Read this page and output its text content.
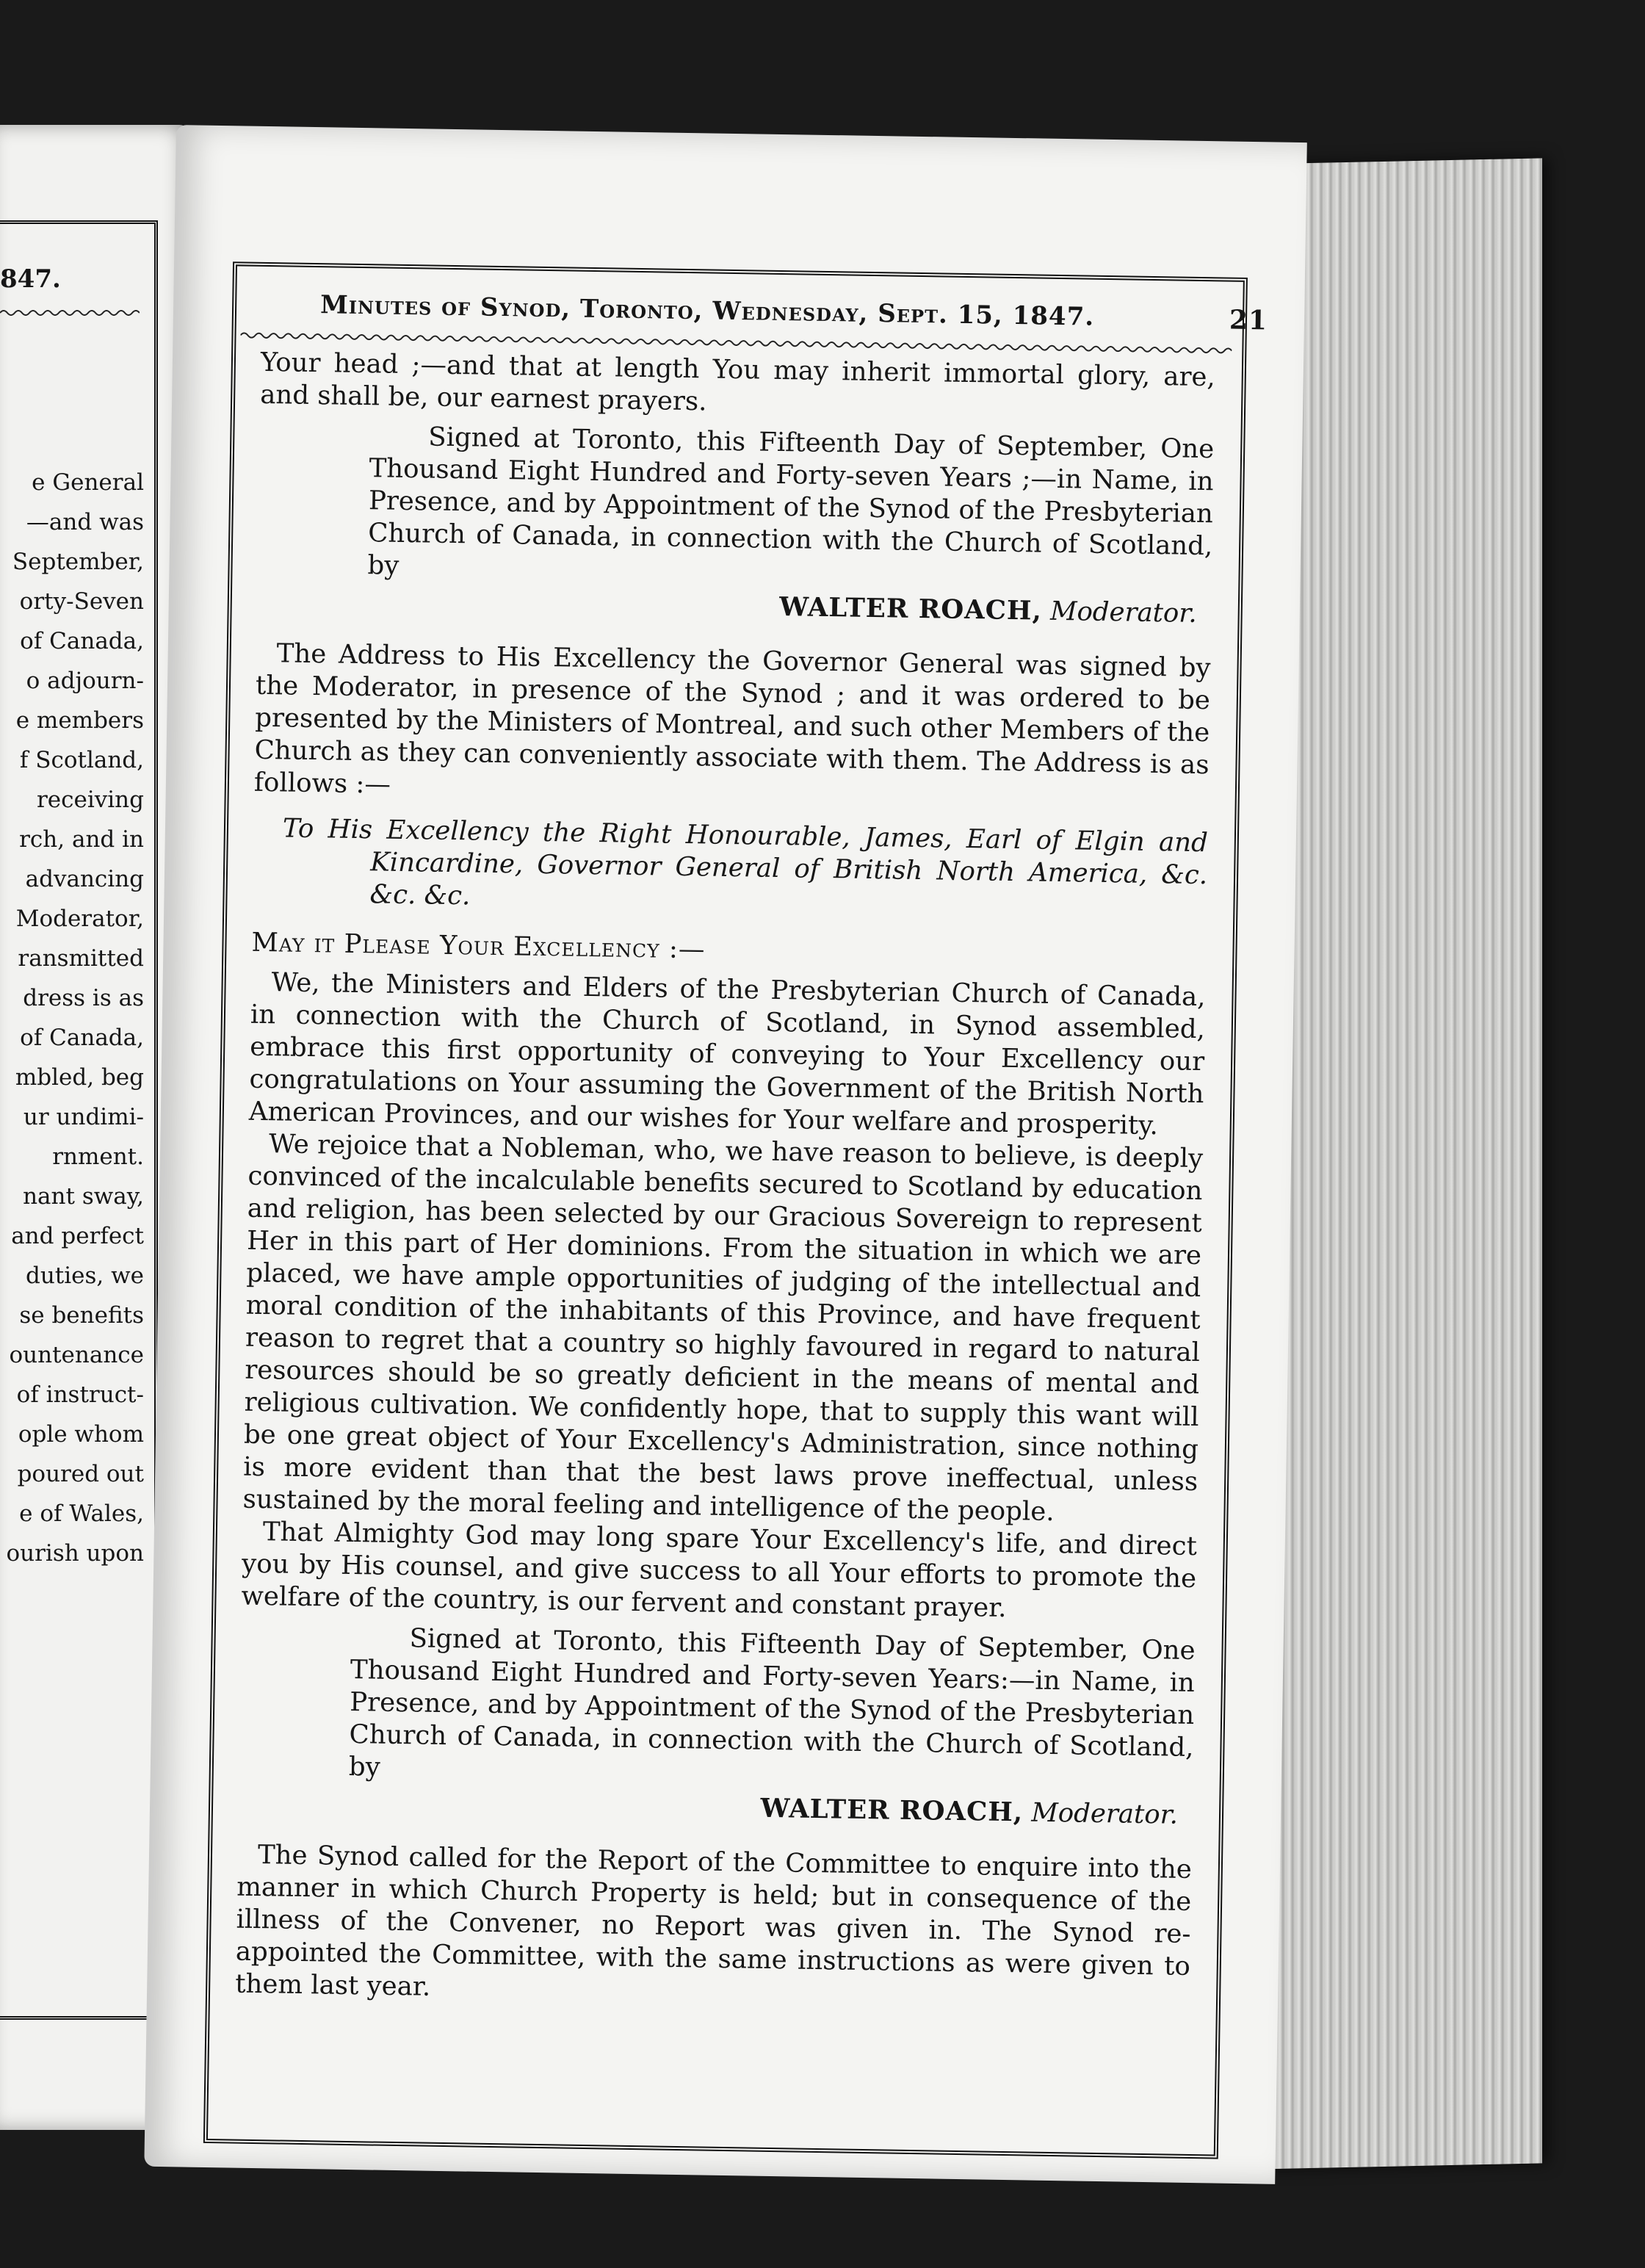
847.
e General
—and was
September,
orty-Seven
of Canada,
o adjourn-
e members
f Scotland,
receiving
rch, and in
advancing
Moderator,
ransmitted
dress is as
of Canada,
mbled, beg
ur undimi-
rnment.
nant sway,
and perfect
duties, we
se benefits
ountenance
of instruct-
ople whom
poured out
e of Wales,
ourish upon
Minutes of Synod, Toronto, Wednesday, Sept. 15, 1847.	21

Your head ;—and that at length You may inherit immortal glory, are, and shall be, our earnest prayers.

Signed at Toronto, this Fifteenth Day of September, One Thousand Eight Hundred and Forty-seven Years ;—in Name, in Presence, and by Appointment of the Synod of the Presbyterian Church of Canada, in connection with the Church of Scotland, by

WALTER ROACH, Moderator.

The Address to His Excellency the Governor General was signed by the Moderator, in presence of the Synod ; and it was ordered to be presented by the Ministers of Montreal, and such other Members of the Church as they can conveniently associate with them. The Address is as follows :—

To His Excellency the Right Honourable, James, Earl of Elgin and Kincardine, Governor General of British North America, &c. &c. &c.

May it Please Your Excellency :—

We, the Ministers and Elders of the Presbyterian Church of Canada, in connection with the Church of Scotland, in Synod assembled, embrace this first opportunity of conveying to Your Excellency our congratulations on Your assuming the Government of the British North American Provinces, and our wishes for Your welfare and prosperity.

We rejoice that a Nobleman, who, we have reason to believe, is deeply convinced of the incalculable benefits secured to Scotland by education and religion, has been selected by our Gracious Sovereign to represent Her in this part of Her dominions. From the situation in which we are placed, we have ample opportunities of judging of the intellectual and moral condition of the inhabitants of this Province, and have frequent reason to regret that a country so highly favoured in regard to natural resources should be so greatly deficient in the means of mental and religious cultivation. We confidently hope, that to supply this want will be one great object of Your Excellency's Administration, since nothing is more evident than that the best laws prove ineffectual, unless sustained by the moral feeling and intelligence of the people.

That Almighty God may long spare Your Excellency's life, and direct you by His counsel, and give success to all Your efforts to promote the welfare of the country, is our fervent and constant prayer.

Signed at Toronto, this Fifteenth Day of September, One Thousand Eight Hundred and Forty-seven Years:—in Name, in Presence, and by Appointment of the Synod of the Presbyterian Church of Canada, in connection with the Church of Scotland, by

WALTER ROACH, Moderator.

The Synod called for the Report of the Committee to enquire into the manner in which Church Property is held; but in consequence of the illness of the Convener, no Report was given in. The Synod re-appointed the Committee, with the same instructions as were given to them last year.
